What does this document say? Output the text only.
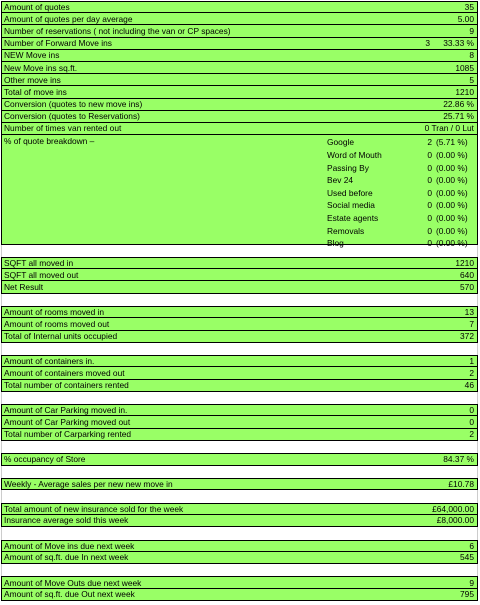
Amount of quotes	35
Amount of quotes per day average	5.00
Number of reservations ( not including the van or CP spaces)	9
Number of Forward Move ins	3 33.33 %
NEW Move ins	8
New Move ins sq.ft.	1085
Other move ins	5
Total of move ins	1210
Conversion (quotes to new move ins)	22.86 %
Conversion (quotes to Reservations)	25.71 %
Number of times van rented out	0 Tran / 0 Lut
% of quote breakdown –	Google	2 (5.71 %)
Word of Mouth	0 (0.00 %)
Passing By	0 (0.00 %)
Bev 24	0 (0.00 %)
Used before	0 (0.00 %)
Social media	0 (0.00 %)
Estate agents	0 (0.00 %)
Removals	0 (0.00 %)
Blog	0 (0.00 %)
SQFT all moved in	1210
SQFT all moved out	640
Net Result	570
Amount of rooms moved in	13
Amount of rooms moved out	7
Total of Internal units occupied	372
Amount of containers in.	1
Amount of containers moved out	2
Total number of containers rented	46
Amount of Car Parking moved in.	0
Amount of Car Parking moved out	0
Total number of Carparking rented	2
% occupancy of Store	84.37 %
Weekly - Average sales per new new move in	£10.78
Total amount of new insurance sold for the week	£64,000.00
Insurance average sold this week	£8,000.00
Amount of Move ins due next week	6
Amount of sq.ft. due In next week	545
Amount of Move Outs due next week	9
Amount of sq.ft. due Out next week	795
